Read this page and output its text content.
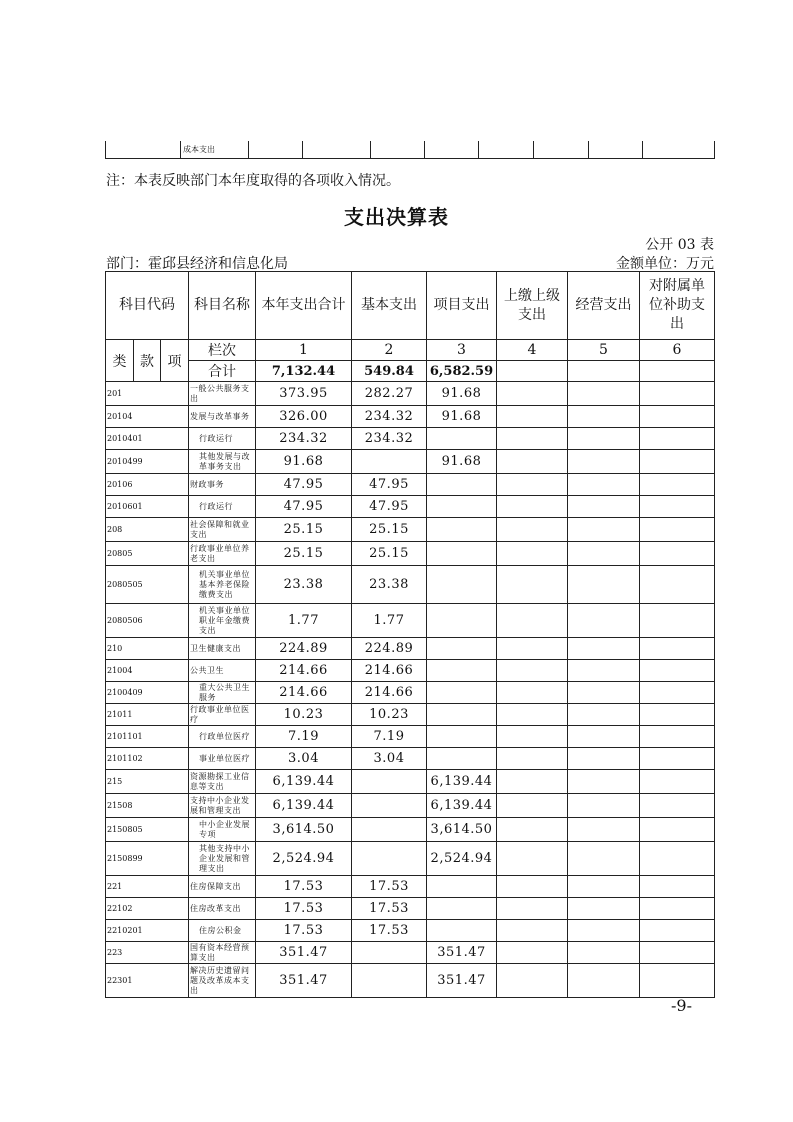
	成本支出								
注：本表反映部门本年度取得的各项收入情况。
支出决算表
公开 03 表
部门：霍邱县经济和信息化局	金额单位：万元
科目代码			科目名称	本年支出合计	基本支出	项目支出	上缴上级支出	经营支出	对附属单位补助支出
类	款	项	栏次	1	2	3	4	5	6
			合计	7,132.44	549.84	6,582.59			
201			一般公共服务支出	373.95	282.27	91.68			
20104			发展与改革事务	326.00	234.32	91.68			
2010401			行政运行	234.32	234.32				
2010499			其他发展与改革事务支出	91.68		91.68			
20106			财政事务	47.95	47.95				
2010601			行政运行	47.95	47.95				
208			社会保障和就业支出	25.15	25.15				
20805			行政事业单位养老支出	25.15	25.15				
2080505			机关事业单位基本养老保险缴费支出	23.38	23.38				
2080506			机关事业单位职业年金缴费支出	1.77	1.77				
210			卫生健康支出	224.89	224.89				
21004			公共卫生	214.66	214.66				
2100409			重大公共卫生服务	214.66	214.66				
21011			行政事业单位医疗	10.23	10.23				
2101101			行政单位医疗	7.19	7.19				
2101102			事业单位医疗	3.04	3.04				
215			资源勘探工业信息等支出	6,139.44		6,139.44			
21508			支持中小企业发展和管理支出	6,139.44		6,139.44			
2150805			中小企业发展专项	3,614.50		3,614.50			
2150899			其他支持中小企业发展和管理支出	2,524.94		2,524.94			
221			住房保障支出	17.53	17.53				
22102			住房改革支出	17.53	17.53				
2210201			住房公积金	17.53	17.53				
223			国有资本经营预算支出	351.47		351.47			
22301			解决历史遗留问题及改革成本支出	351.47		351.47			
-9-
